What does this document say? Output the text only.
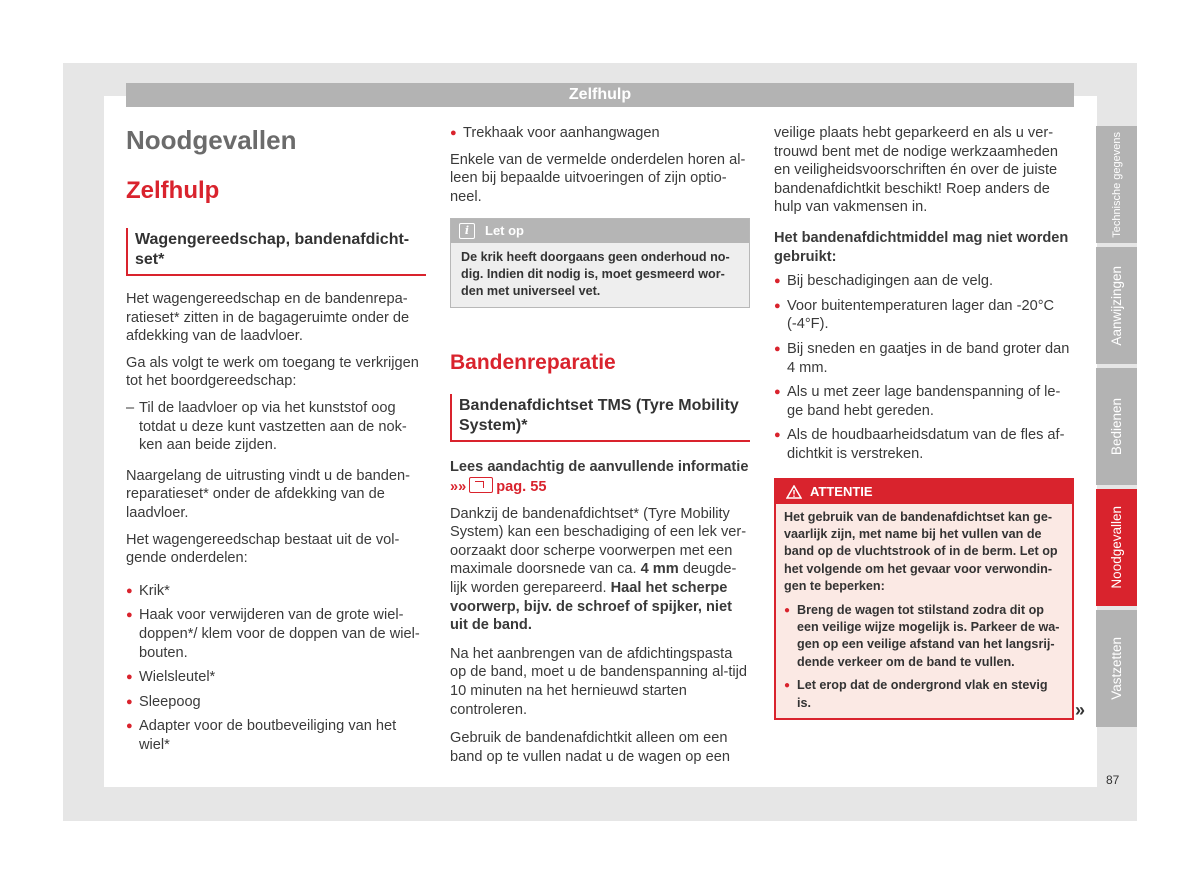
Zelfhulp

Noodgevallen

Zelfhulp

Wagengereedschap, bandenafdicht-set*

Het wagengereedschap en de bandenrepa-ratieset* zitten in de bagageruimte onder de afdekking van de laadvloer.

Ga als volgt te werk om toegang te verkrijgen tot het boordgereedschap:

– Til de laadvloer op via het kunststof oog totdat u deze kunt vastzetten aan de nok-ken aan beide zijden.

Naargelang de uitrusting vindt u de banden-reparatieset* onder de afdekking van de laadvloer.

Het wagengereedschap bestaat uit de vol-gende onderdelen:

● Krik*

● Haak voor verwijderen van de grote wiel-doppen*/ klem voor de doppen van de wiel-bouten.

● Wielsleutel*

● Sleepoog

● Adapter voor de boutbeveiliging van het wiel*

● Trekhaak voor aanhangwagen

Enkele van de vermelde onderdelen horen al-leen bij bepaalde uitvoeringen of zijn optio-neel.

i	Let op
De krik heeft doorgaans geen onderhoud no-dig. Indien dit nodig is, moet gesmeerd wor-den met universeel vet.

Bandenreparatie

Bandenafdichtset TMS (Tyre Mobility System)*

Lees aandachtig de aanvullende informatie

»» pag. 55

Dankzij de bandenafdichtset* (Tyre Mobility System) kan een beschadiging of een lek ver-oorzaakt door scherpe voorwerpen met een maximale doorsnede van ca. 4 mm deugde-lijk worden gerepareerd. Haal het scherpe voorwerp, bijv. de schroef of spijker, niet uit de band.

Na het aanbrengen van de afdichtingspasta op de band, moet u de bandenspanning al-tijd 10 minuten na het hernieuwd starten controleren.

Gebruik de bandenafdichtkit alleen om een band op te vullen nadat u de wagen op een

veilige plaats hebt geparkeerd en als u ver-trouwd bent met de nodige werkzaamheden en veiligheidsvoorschriften én over de juiste bandenafdichtkit beschikt! Roep anders de hulp van vakmensen in.

Het bandenafdichtmiddel mag niet worden gebruikt:

● Bij beschadigingen aan de velg.

● Voor buitentemperaturen lager dan -20°C (-4°F).

● Bij sneden en gaatjes in de band groter dan 4 mm.

● Als u met zeer lage bandenspanning of le-ge band hebt gereden.

● Als de houdbaarheidsdatum van de fles af-dichtkit is verstreken.

ATTENTIE

Het gebruik van de bandenafdichtset kan ge-vaarlijk zijn, met name bij het vullen van de band op de vluchtstrook of in de berm. Let op het volgende om het gevaar voor verwondin-gen te beperken:

● Breng de wagen tot stilstand zodra dit op een veilige wijze mogelijk is. Parkeer de wa-gen op een veilige afstand van het langsrij-dende verkeer om de band te vullen.

● Let erop dat de ondergrond vlak en stevig is.	»
Technische gegevens
Aanwijzingen
Bedienen
Noodgevallen
Vastzetten
87
